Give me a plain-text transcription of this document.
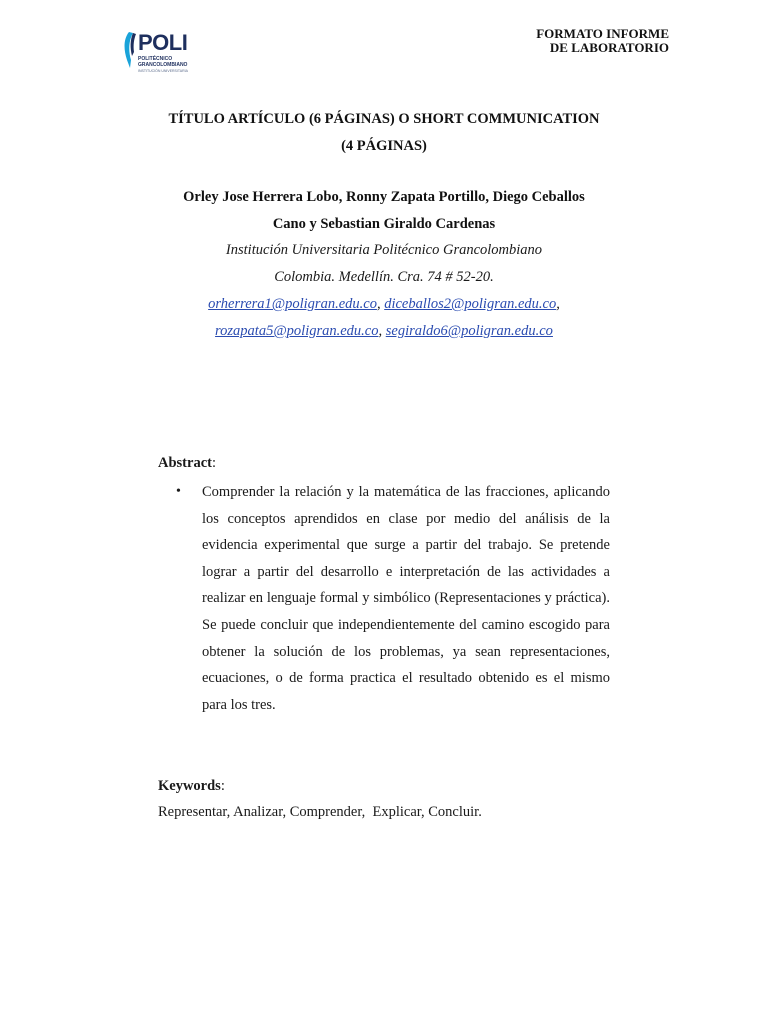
POLI
POLITÉCNICO
GRANCOLOMBIANO
INSTITUCIÓN UNIVERSITARIA
FORMATO INFORME
DE LABORATORIO
TÍTULO ARTÍCULO (6 PÁGINAS) O SHORT COMMUNICATION
(4 PÁGINAS)
Orley Jose Herrera Lobo, Ronny Zapata Portillo, Diego Ceballos
Cano y Sebastian Giraldo Cardenas
Institución Universitaria Politécnico Grancolombiano
Colombia. Medellín. Cra. 74 # 52-20.
orherrera1@poligran.edu.co, diceballos2@poligran.edu.co,
rozapata5@poligran.edu.co, segiraldo6@poligran.edu.co
Abstract:
• Comprender la relación y la matemática de las fracciones, aplicando los conceptos aprendidos en clase por medio del análisis de la evidencia experimental que surge a partir del trabajo. Se pretende lograr a partir del desarrollo e interpretación de las actividades a realizar en lenguaje formal y simbólico (Representaciones y práctica). Se puede concluir que independientemente del camino escogido para obtener la solución de los problemas, ya sean representaciones, ecuaciones, o de forma practica el resultado obtenido es el mismo para los tres.
Keywords:
Representar, Analizar, Comprender,  Explicar, Concluir.
